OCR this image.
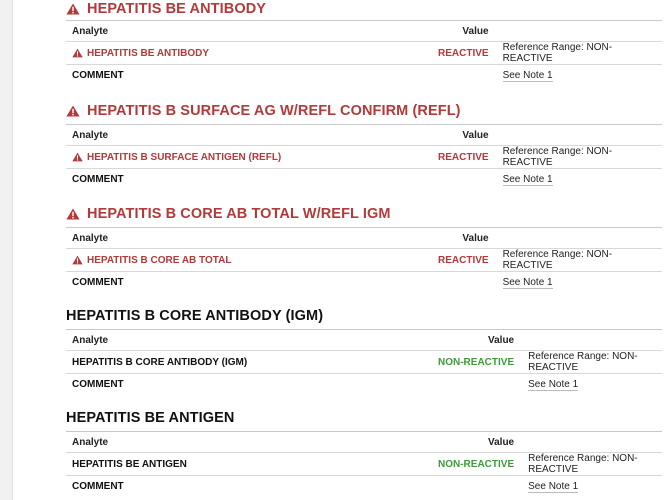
HEPATITIS BE ANTIBODY
Analyte	Value	

HEPATITIS BE ANTIBODY	REACTIVE	Reference Range: NON-REACTIVE
COMMENT		See Note 1
HEPATITIS B SURFACE AG W/REFL CONFIRM (REFL)
Analyte	Value	

HEPATITIS B SURFACE ANTIGEN (REFL)	REACTIVE	Reference Range: NON-REACTIVE
COMMENT		See Note 1
HEPATITIS B CORE AB TOTAL W/REFL IGM
Analyte	Value	

HEPATITIS B CORE AB TOTAL	REACTIVE	Reference Range: NON-REACTIVE
COMMENT		See Note 1
HEPATITIS B CORE ANTIBODY (IGM)
Analyte	Value	

HEPATITIS B CORE ANTIBODY (IGM)	NON-REACTIVE	Reference Range: NON-REACTIVE
COMMENT		See Note 1
HEPATITIS BE ANTIGEN
Analyte	Value	

HEPATITIS BE ANTIGEN	NON-REACTIVE	Reference Range: NON-REACTIVE
COMMENT		See Note 1
